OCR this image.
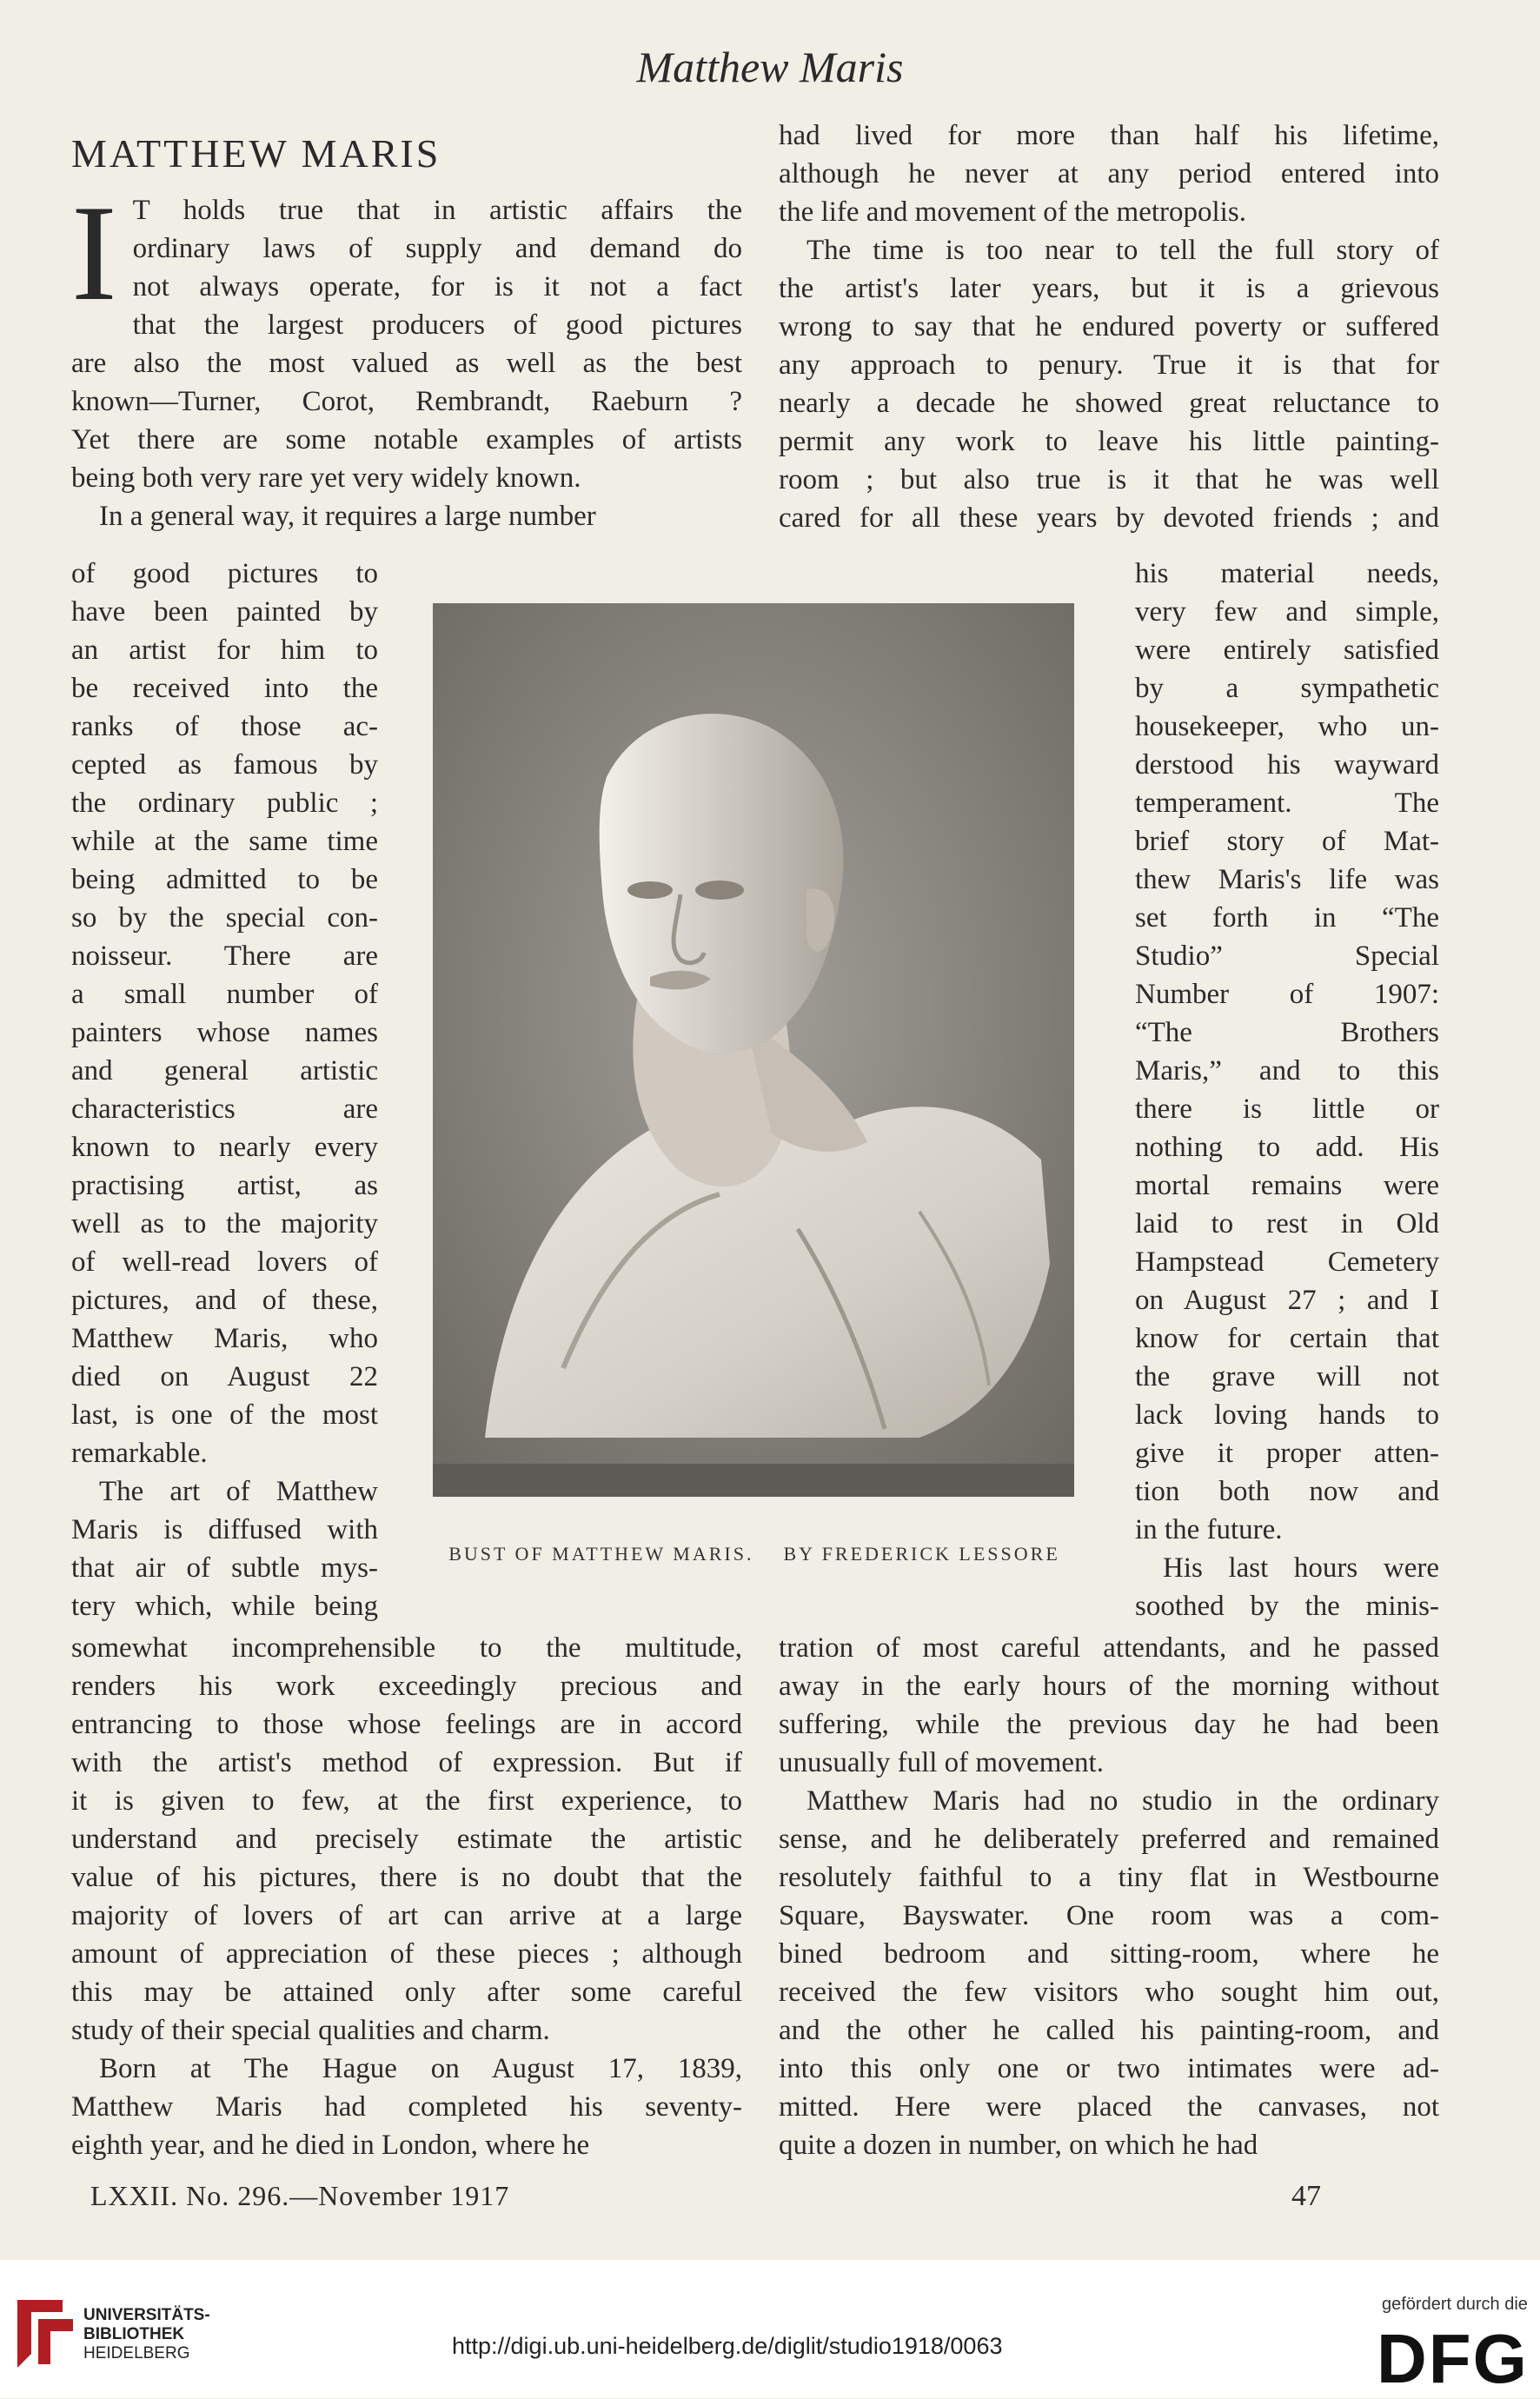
Matthew Maris
MATTHEW MARIS
I T holds true that in artistic affairs the
ordinary laws of supply and demand do
not always operate, for is it not a fact
that the largest producers of good pictures
are also the most valued as well as the best
known—Turner, Corot, Rembrandt, Raeburn ?
Yet there are some notable examples of artists
being both very rare yet very widely known.
In a general way, it requires a large number
of good pictures to
have been painted by
an artist for him to
be received into the
ranks of those ac-
cepted as famous by
the ordinary public ;
while at the same time
being admitted to be
so by the special con-
noisseur. There are
a small number of
painters whose names
and general artistic
characteristics are
known to nearly every
practising artist, as
well as to the majority
of well-read lovers of
pictures, and of these,
Matthew Maris, who
died on August 22
last, is one of the most
remarkable.
The art of Matthew
Maris is diffused with
that air of subtle mys-
tery which, while being
somewhat incomprehensible to the multitude,
renders his work exceedingly precious and
entrancing to those whose feelings are in accord
with the artist's method of expression. But if
it is given to few, at the first experience, to
understand and precisely estimate the artistic
value of his pictures, there is no doubt that the
majority of lovers of art can arrive at a large
amount of appreciation of these pieces ; although
this may be attained only after some careful
study of their special qualities and charm.
Born at The Hague on August 17, 1839,
Matthew Maris had completed his seventy-
eighth year, and he died in London, where he
had lived for more than half his lifetime,
although he never at any period entered into
the life and movement of the metropolis.
The time is too near to tell the full story of
the artist's later years, but it is a grievous
wrong to say that he endured poverty or suffered
any approach to penury. True it is that for
nearly a decade he showed great reluctance to
permit any work to leave his little painting-
room ; but also true is it that he was well
cared for all these years by devoted friends ; and
his material needs,
very few and simple,
were entirely satisfied
by a sympathetic
housekeeper, who un-
derstood his wayward
temperament. The
brief story of Mat-
thew Maris's life was
set forth in “The
Studio” Special
Number of 1907:
“The Brothers
Maris,” and to this
there is little or
nothing to add. His
mortal remains were
laid to rest in Old
Hampstead Cemetery
on August 27 ; and I
know for certain that
the grave will not
lack loving hands to
give it proper atten-
tion both now and
in the future.
His last hours were
soothed by the minis-
tration of most careful attendants, and he passed
away in the early hours of the morning without
suffering, while the previous day he had been
unusually full of movement.
Matthew Maris had no studio in the ordinary
sense, and he deliberately preferred and remained
resolutely faithful to a tiny flat in Westbourne
Square, Bayswater. One room was a com-
bined bedroom and sitting-room, where he
received the few visitors who sought him out,
and the other he called his painting-room, and
into this only one or two intimates were ad-
mitted. Here were placed the canvases, not
quite a dozen in number, on which he had
BUST OF MATTHEW MARIS.    BY FREDERICK LESSORE
LXXII. No. 296.—November 1917	47
UNIVERSITÄTS-
BIBLIOTHEK
HEIDELBERG	http://digi.ub.uni-heidelberg.de/diglit/studio1918/0063
gefördert durch die
DFG
